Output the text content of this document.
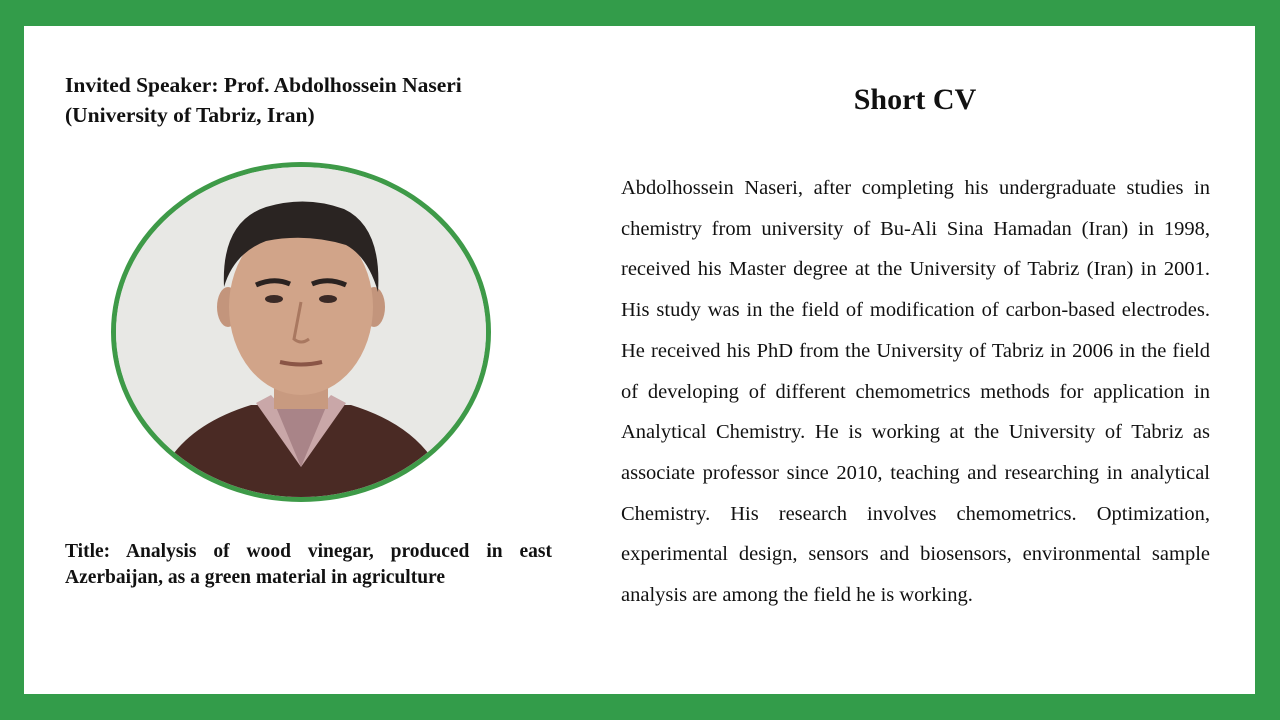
Invited Speaker: Prof. Abdolhossein Naseri (University of Tabriz, Iran)
Title: Analysis of wood vinegar, produced in east Azerbaijan, as a green material in agriculture
Short CV
Abdolhossein Naseri, after completing his undergraduate studies in chemistry from university of Bu-Ali Sina Hamadan (Iran) in 1998, received his Master degree at the University of Tabriz (Iran) in 2001. His study was in the field of modification of carbon-based electrodes. He received his PhD from the University of Tabriz in 2006 in the field of developing of different chemometrics methods for application in Analytical Chemistry. He is working at the University of Tabriz as associate professor since 2010, teaching and researching in analytical Chemistry. His research involves chemometrics. Optimization, experimental design, sensors and biosensors, environmental sample analysis are among the field he is working.
